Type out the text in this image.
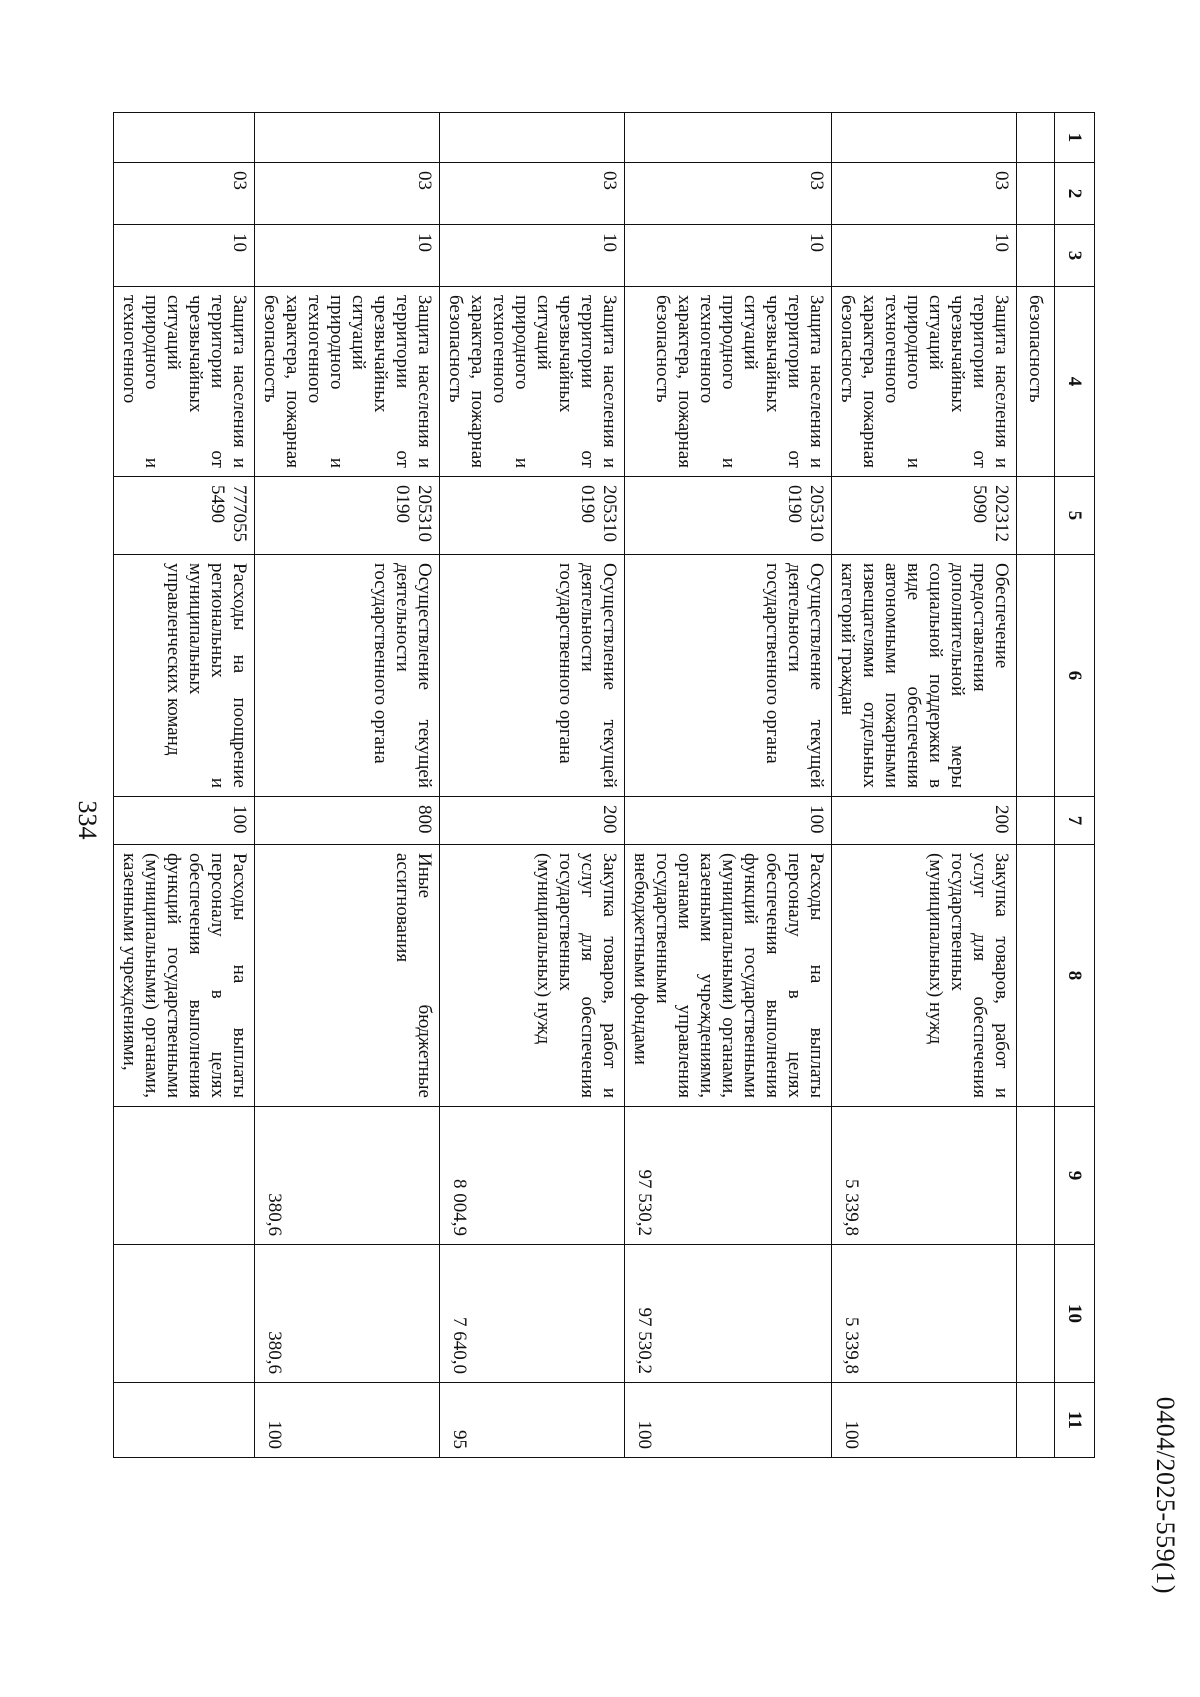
334
0404/2025-559(1)
1	2	3	4	5	6	7	8	9	10	11
			безопасность							
	03	10	Защита населения и территории от чрезвычайных ситуаций природного и техногенного характера, пожарная безопасность	202312 5090	Обеспечение предоставления дополнительной меры социальной поддержки в виде обеспечения автономными пожарными извещателями отдельных категорий граждан	200	Закупка товаров, работ и услуг для обеспечения государственных (муниципальных) нужд	5 339,8	5 339,8	100
	03	10	Защита населения и территории от чрезвычайных ситуаций природного и техногенного характера, пожарная безопасность	205310 0190	Осуществление текущей деятельности государственного органа	100	Расходы на выплаты персоналу в целях обеспечения выполнения функций государственными (муниципальными) органами, казенными учреждениями, органами управления государственными внебюджетными фондами	97 530,2	97 530,2	100
	03	10	Защита населения и территории от чрезвычайных ситуаций природного и техногенного характера, пожарная безопасность	205310 0190	Осуществление текущей деятельности государственного органа	200	Закупка товаров, работ и услуг для обеспечения государственных (муниципальных) нужд	8 004,9	7 640,0	95
	03	10	Защита населения и территории от чрезвычайных ситуаций природного и техногенного характера, пожарная безопасность	205310 0190	Осуществление текущей деятельности государственного органа	800	Иные бюджетные ассигнования	380,6	380,6	100
	03	10	Защита населения и территории от чрезвычайных ситуаций природного и техногенного	777055 5490	Расходы на поощрение региональных и муниципальных управленческих команд	100	Расходы на выплаты персоналу в целях обеспечения выполнения функций государственными (муниципальными) органами, казенными учреждениями,			
